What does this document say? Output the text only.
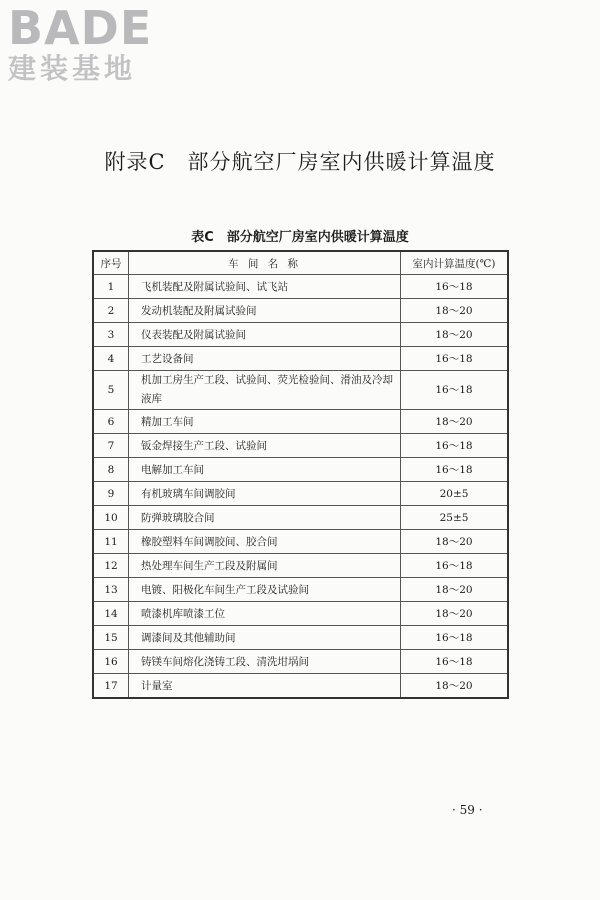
BADE
建装基地
附录C　部分航空厂房室内供暖计算温度
表C　部分航空厂房室内供暖计算温度
序号	车 间 名 称	室内计算温度(℃)
1	飞机装配及附属试验间、试飞站	16～18
2	发动机装配及附属试验间	18～20
3	仪表装配及附属试验间	18～20
4	工艺设备间	16～18
5	机加工房生产工段、试验间、荧光检验间、滑油及冷却液库	16～18
6	精加工车间	18～20
7	钣金焊接生产工段、试验间	16～18
8	电解加工车间	16～18
9	有机玻璃车间调胶间	20±5
10	防弹玻璃胶合间	25±5
11	橡胶塑料车间调胶间、胶合间	18～20
12	热处理车间生产工段及附属间	16～18
13	电镀、阳极化车间生产工段及试验间	18～20
14	喷漆机库喷漆工位	18～20
15	调漆间及其他辅助间	16～18
16	铸镁车间熔化浇铸工段、清洗坩埚间	16～18
17	计量室	18～20
· 59 ·
